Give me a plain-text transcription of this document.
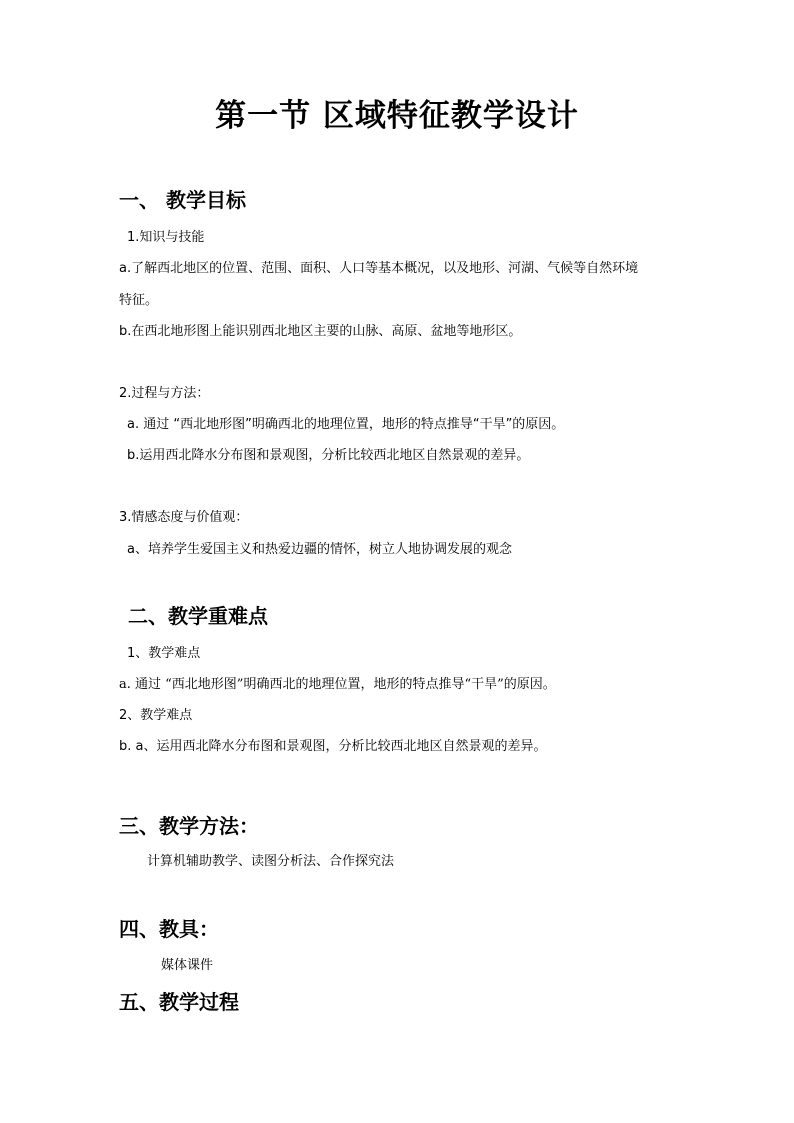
第一节 区域特征教学设计
一、 教学目标
1.知识与技能
a.了解西北地区的位置、范围、面积、人口等基本概况，以及地形、河湖、气候等自然环境
特征。
b.在西北地形图上能识别西北地区主要的山脉、高原、盆地等地形区。
2.过程与方法：
a. 通过 “西北地形图”明确西北的地理位置，地形的特点推导“干旱”的原因。
b.运用西北降水分布图和景观图，分析比较西北地区自然景观的差异。
3.情感态度与价值观：
a、培养学生爱国主义和热爱边疆的情怀，树立人地协调发展的观念
二、教学重难点
1、教学难点
a. 通过 “西北地形图”明确西北的地理位置，地形的特点推导“干旱”的原因。
2、教学难点
b. a、运用西北降水分布图和景观图，分析比较西北地区自然景观的差异。
三、教学方法：
计算机辅助教学、读图分析法、合作探究法
四、教具：
媒体课件
五、教学过程
